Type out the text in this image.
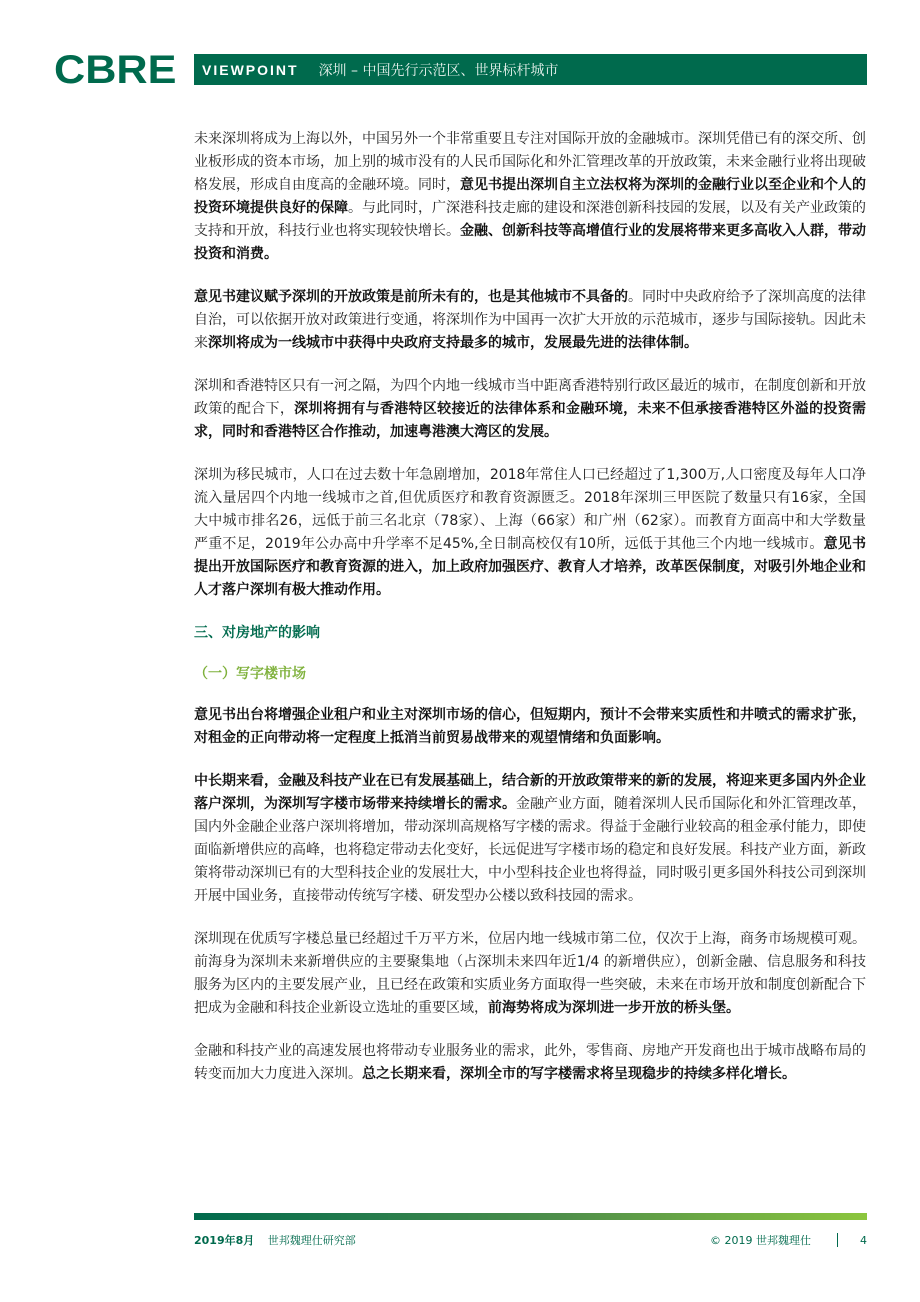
CBRE VIEWPOINT 深圳 – 中国先行示范区、世界标杆城市

未来深圳将成为上海以外，中国另外一个非常重要且专注对国际开放的金融城市。深圳凭借已有的深交所、创业板形成的资本市场，加上别的城市没有的人民币国际化和外汇管理改革的开放政策，未来金融行业将出现破格发展，形成自由度高的金融环境。同时，意见书提出深圳自主立法权将为深圳的金融行业以至企业和个人的投资环境提供良好的保障。与此同时，广深港科技走廊的建设和深港创新科技园的发展，以及有关产业政策的支持和开放，科技行业也将实现较快增长。金融、创新科技等高增值行业的发展将带来更多高收入人群，带动投资和消费。

意见书建议赋予深圳的开放政策是前所未有的，也是其他城市不具备的。同时中央政府给予了深圳高度的法律自治，可以依据开放对政策进行变通，将深圳作为中国再一次扩大开放的示范城市，逐步与国际接轨。因此未来深圳将成为一线城市中获得中央政府支持最多的城市，发展最先进的法律体制。

深圳和香港特区只有一河之隔，为四个内地一线城市当中距离香港特别行政区最近的城市，在制度创新和开放政策的配合下，深圳将拥有与香港特区较接近的法律体系和金融环境，未来不但承接香港特区外溢的投资需求，同时和香港特区合作推动，加速粤港澳大湾区的发展。

深圳为移民城市，人口在过去数十年急剧增加，2018年常住人口已经超过了1,300万,人口密度及每年人口净流入量居四个内地一线城市之首,但优质医疗和教育资源匮乏。2018年深圳三甲医院了数量只有16家，全国大中城市排名26，远低于前三名北京（78家）、上海（66家）和广州（62家）。而教育方面高中和大学数量严重不足，2019年公办高中升学率不足45%,全日制高校仅有10所，远低于其他三个内地一线城市。意见书提出开放国际医疗和教育资源的进入，加上政府加强医疗、教育人才培养，改革医保制度，对吸引外地企业和人才落户深圳有极大推动作用。

三、对房地产的影响
（一）写字楼市场

意见书出台将增强企业租户和业主对深圳市场的信心，但短期内，预计不会带来实质性和井喷式的需求扩张，对租金的正向带动将一定程度上抵消当前贸易战带来的观望情绪和负面影响。

中长期来看，金融及科技产业在已有发展基础上，结合新的开放政策带来的新的发展，将迎来更多国内外企业落户深圳，为深圳写字楼市场带来持续增长的需求。金融产业方面，随着深圳人民币国际化和外汇管理改革，国内外金融企业落户深圳将增加，带动深圳高规格写字楼的需求。得益于金融行业较高的租金承付能力，即使面临新增供应的高峰，也将稳定带动去化变好，长远促进写字楼市场的稳定和良好发展。科技产业方面，新政策将带动深圳已有的大型科技企业的发展壮大，中小型科技企业也将得益，同时吸引更多国外科技公司到深圳开展中国业务，直接带动传统写字楼、研发型办公楼以致科技园的需求。

深圳现在优质写字楼总量已经超过千万平方米，位居内地一线城市第二位，仅次于上海，商务市场规模可观。前海身为深圳未来新增供应的主要聚集地（占深圳未来四年近1/4 的新增供应），创新金融、信息服务和科技服务为区内的主要发展产业，且已经在政策和实质业务方面取得一些突破，未来在市场开放和制度创新配合下把成为金融和科技企业新设立选址的重要区域，前海势将成为深圳进一步开放的桥头堡。

金融和科技产业的高速发展也将带动专业服务业的需求，此外，零售商、房地产开发商也出于城市战略布局的转变而加大力度进入深圳。总之长期来看，深圳全市的写字楼需求将呈现稳步的持续多样化增长。

2019年8月 世邦魏理仕研究部	© 2019 世邦魏理仕	4
